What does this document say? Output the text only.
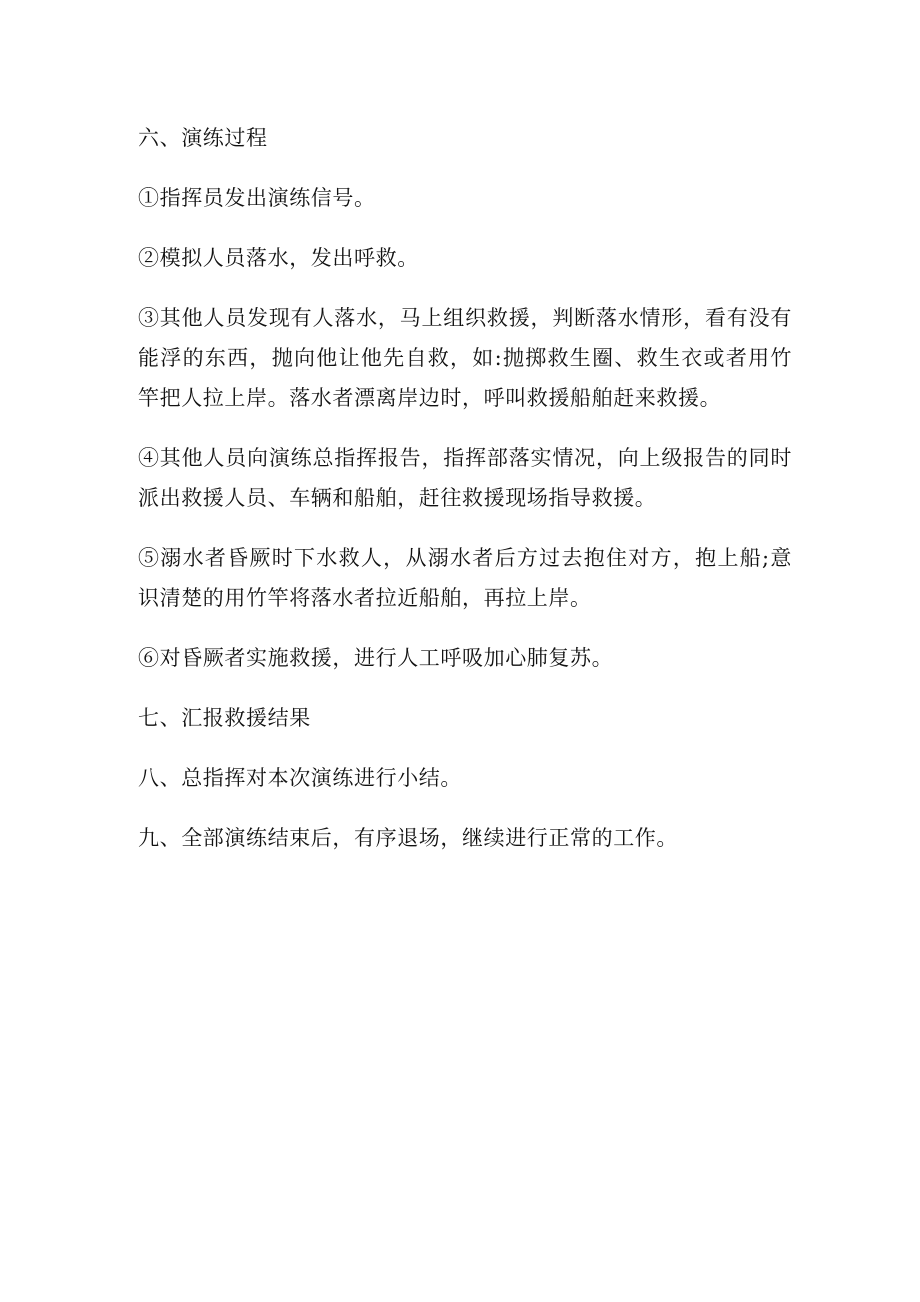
六、演练过程

①指挥员发出演练信号。

②模拟人员落水，发出呼救。

③其他人员发现有人落水，马上组织救援，判断落水情形，看有没有能浮的东西，抛向他让他先自救，如:抛掷救生圈、救生衣或者用竹竿把人拉上岸。落水者漂离岸边时，呼叫救援船舶赶来救援。

④其他人员向演练总指挥报告，指挥部落实情况，向上级报告的同时派出救援人员、车辆和船舶，赶往救援现场指导救援。

⑤溺水者昏厥时下水救人，从溺水者后方过去抱住对方，抱上船;意识清楚的用竹竿将落水者拉近船舶，再拉上岸。

⑥对昏厥者实施救援，进行人工呼吸加心肺复苏。

七、汇报救援结果

八、总指挥对本次演练进行小结。

九、全部演练结束后，有序退场，继续进行正常的工作。
